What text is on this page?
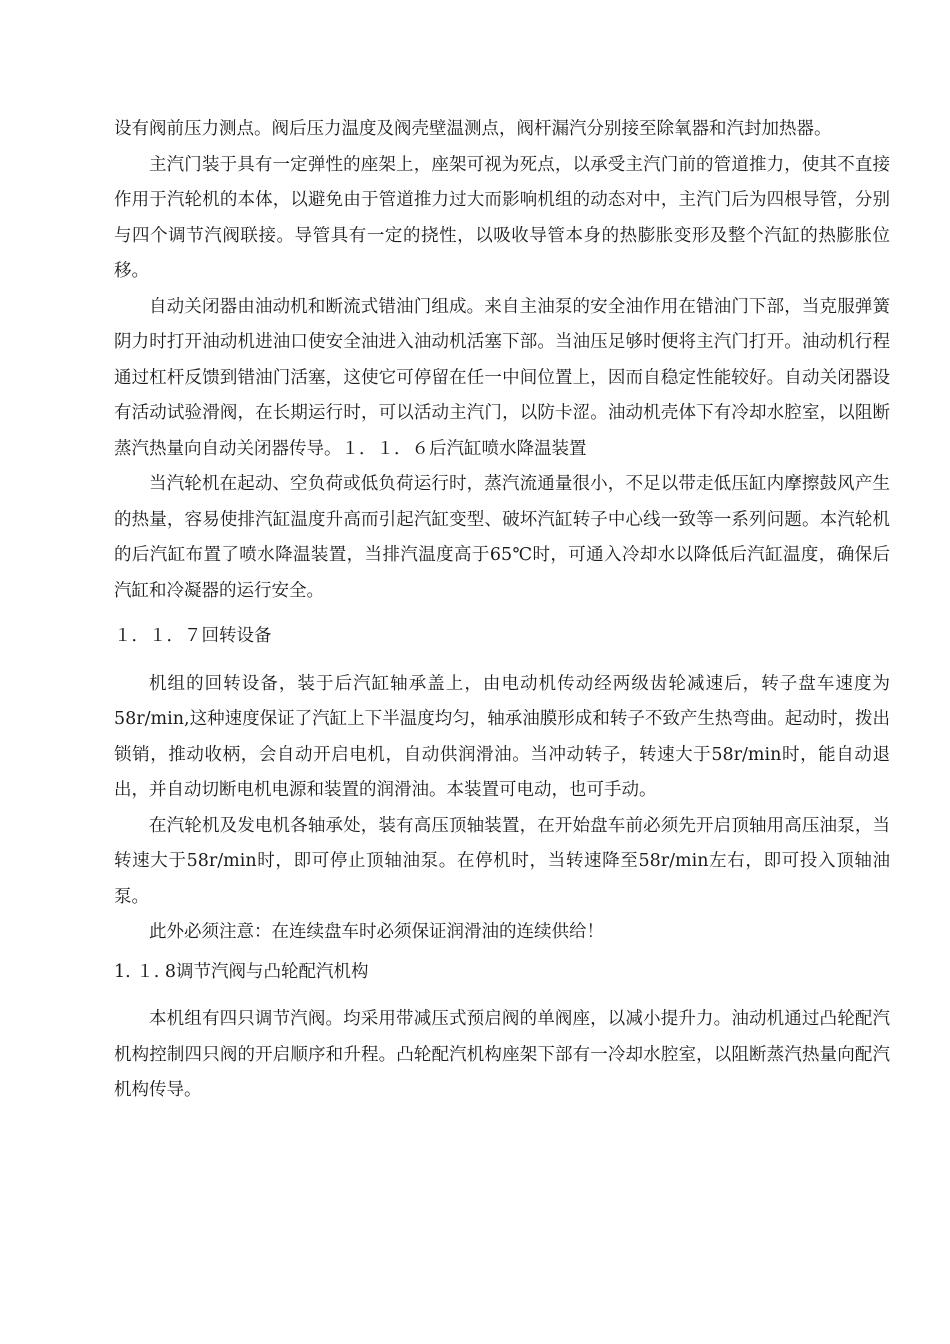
设有阀前压力测点。阀后压力温度及阀壳壁温测点，阀杆漏汽分别接至除氧器和汽封加热器。

主汽门装于具有一定弹性的座架上，座架可视为死点，以承受主汽门前的管道推力，使其不直接作用于汽轮机的本体，以避免由于管道推力过大而影响机组的动态对中，主汽门后为四根导管，分别与四个调节汽阀联接。导管具有一定的挠性，以吸收导管本身的热膨胀变形及整个汽缸的热膨胀位移。

自动关闭器由油动机和断流式错油门组成。来自主油泵的安全油作用在错油门下部，当克服弹簧阴力时打开油动机进油口使安全油进入油动机活塞下部。当油压足够时便将主汽门打开。油动机行程通过杠杆反馈到错油门活塞，这使它可停留在任一中间位置上，因而自稳定性能较好。自动关闭器设有活动试验滑阀，在长期运行时，可以活动主汽门，以防卡涩。油动机壳体下有冷却水腔室，以阻断蒸汽热量向自动关闭器传导。１．１．６后汽缸喷水降温装置

当汽轮机在起动、空负荷或低负荷运行时，蒸汽流通量很小，不足以带走低压缸内摩擦鼓风产生的热量，容易使排汽缸温度升高而引起汽缸变型、破坏汽缸转子中心线一致等一系列问题。本汽轮机的后汽缸布置了喷水降温装置，当排汽温度高于65℃时，可通入冷却水以降低后汽缸温度，确保后汽缸和冷凝器的运行安全。

１．１．７回转设备

机组的回转设备，装于后汽缸轴承盖上，由电动机传动经两级齿轮减速后，转子盘车速度为58r/min,这种速度保证了汽缸上下半温度均匀，轴承油膜形成和转子不致产生热弯曲。起动时，拨出锁销，推动收柄，会自动开启电机，自动供润滑油。当冲动转子，转速大于58r/min时，能自动退出，并自动切断电机电源和装置的润滑油。本装置可电动，也可手动。

在汽轮机及发电机各轴承处，装有高压顶轴装置，在开始盘车前必须先开启顶轴用高压油泵，当转速大于58r/min时，即可停止顶轴油泵。在停机时，当转速降至58r/min左右，即可投入顶轴油泵。

此外必须注意：在连续盘车时必须保证润滑油的连续供给！

1. １. 8调节汽阀与凸轮配汽机构

本机组有四只调节汽阀。均采用带减压式预启阀的单阀座，以减小提升力。油动机通过凸轮配汽机构控制四只阀的开启顺序和升程。凸轮配汽机构座架下部有一冷却水腔室，以阻断蒸汽热量向配汽机构传导。
